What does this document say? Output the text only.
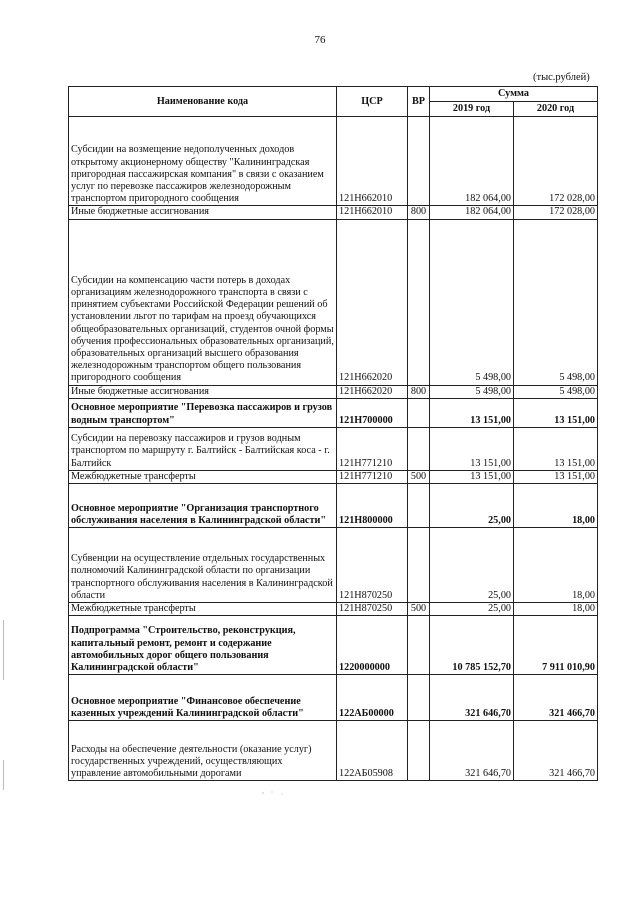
76
(тыс.рублей)
Наименование кода	ЦСР	ВР	Сумма	
			2019 год	2020 год
Субсидии на возмещение недополученных доходов открытому акционерному обществу "Калининградская пригородная пассажирская компания" в связи с оказанием услуг по перевозке пассажиров железнодорожным транспортом пригородного сообщения	121Н662010		182 064,00	172 028,00
Иные бюджетные ассигнования	121Н662010	800	182 064,00	172 028,00
Субсидии на компенсацию части потерь в доходах организациям железнодорожного транспорта в связи с принятием субъектами Российской Федерации решений об установлении льгот по тарифам на проезд обучающихся общеобразовательных организаций, студентов очной формы обучения профессиональных образовательных организаций, образовательных организаций высшего образования железнодорожным транспортом общего пользования пригородного сообщения	121Н662020		5 498,00	5 498,00
Иные бюджетные ассигнования	121Н662020	800	5 498,00	5 498,00
Основное мероприятие "Перевозка пассажиров и грузов водным транспортом"	121Н700000		13 151,00	13 151,00
Субсидии на перевозку пассажиров и грузов водным транспортом по маршруту г. Балтийск - Балтийская коса - г. Балтийск	121Н771210		13 151,00	13 151,00
Межбюджетные трансферты	121Н771210	500	13 151,00	13 151,00
Основное мероприятие "Организация транспортного обслуживания населения в Калининградской области"	121Н800000		25,00	18,00
Субвенции на осуществление отдельных государственных полномочий Калининградской области по организации транспортного обслуживания населения в Калининградской области	121Н870250		25,00	18,00
Межбюджетные трансферты	121Н870250	500	25,00	18,00
Подпрограмма "Строительство, реконструкция, капитальный ремонт, ремонт и содержание автомобильных дорог общего пользования Калининградской области"	1220000000		10 785 152,70	7 911 010,90
Основное мероприятие "Финансовое обеспечение казенных учреждений Калининградской области"	122АБ00000		321 646,70	321 466,70
Расходы на обеспечение деятельности (оказание услуг) государственных учреждений, осуществляющих управление автомобильными дорогами	122АБ05908		321 646,70	321 466,70
